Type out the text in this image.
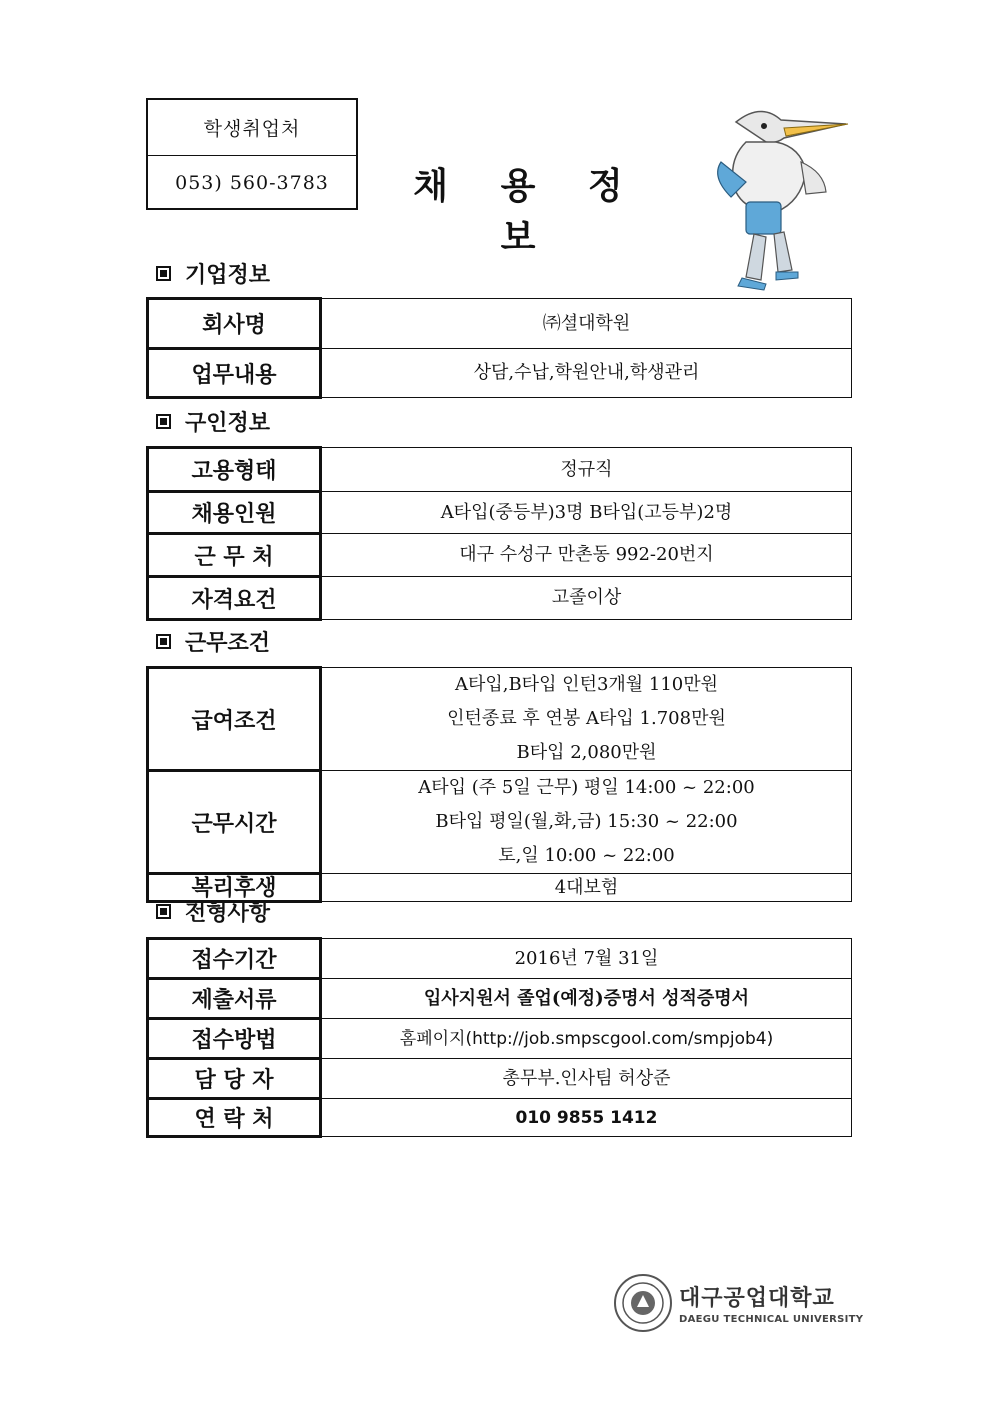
학생취업처
053) 560-3783	채 용 정 보
기업정보
회사명	㈜셜대학원
업무내용	상담,수납,학원안내,학생관리
구인정보
고용형태	정규직
채용인원	A타입(중등부)3명 B타입(고등부)2명
근 무 처	대구 수성구 만촌동 992-20번지
자격요건	고졸이상
근무조건
급여조건	A타입,B타입 인턴3개월 110만원
인턴종료 후 연봉 A타입 1.708만원
B타입 2,080만원

근무시간	A타입 (주 5일 근무) 평일 14:00 ~ 22:00
B타입 평일(월,화,금) 15:30 ~ 22:00
토,일 10:00 ~ 22:00

복리후생	4대보험
전형사항
접수기간	2016년 7월 31일
제출서류	입사지원서 졸업(예정)증명서 성적증명서
접수방법	홈페이지(http://job.smpscgool.com/smpjob4)
담 당 자	총무부.인사팀 허상준
연 락 처	010 9855 1412
대구공업대학교
DAEGU TECHNICAL UNIVERSITY
